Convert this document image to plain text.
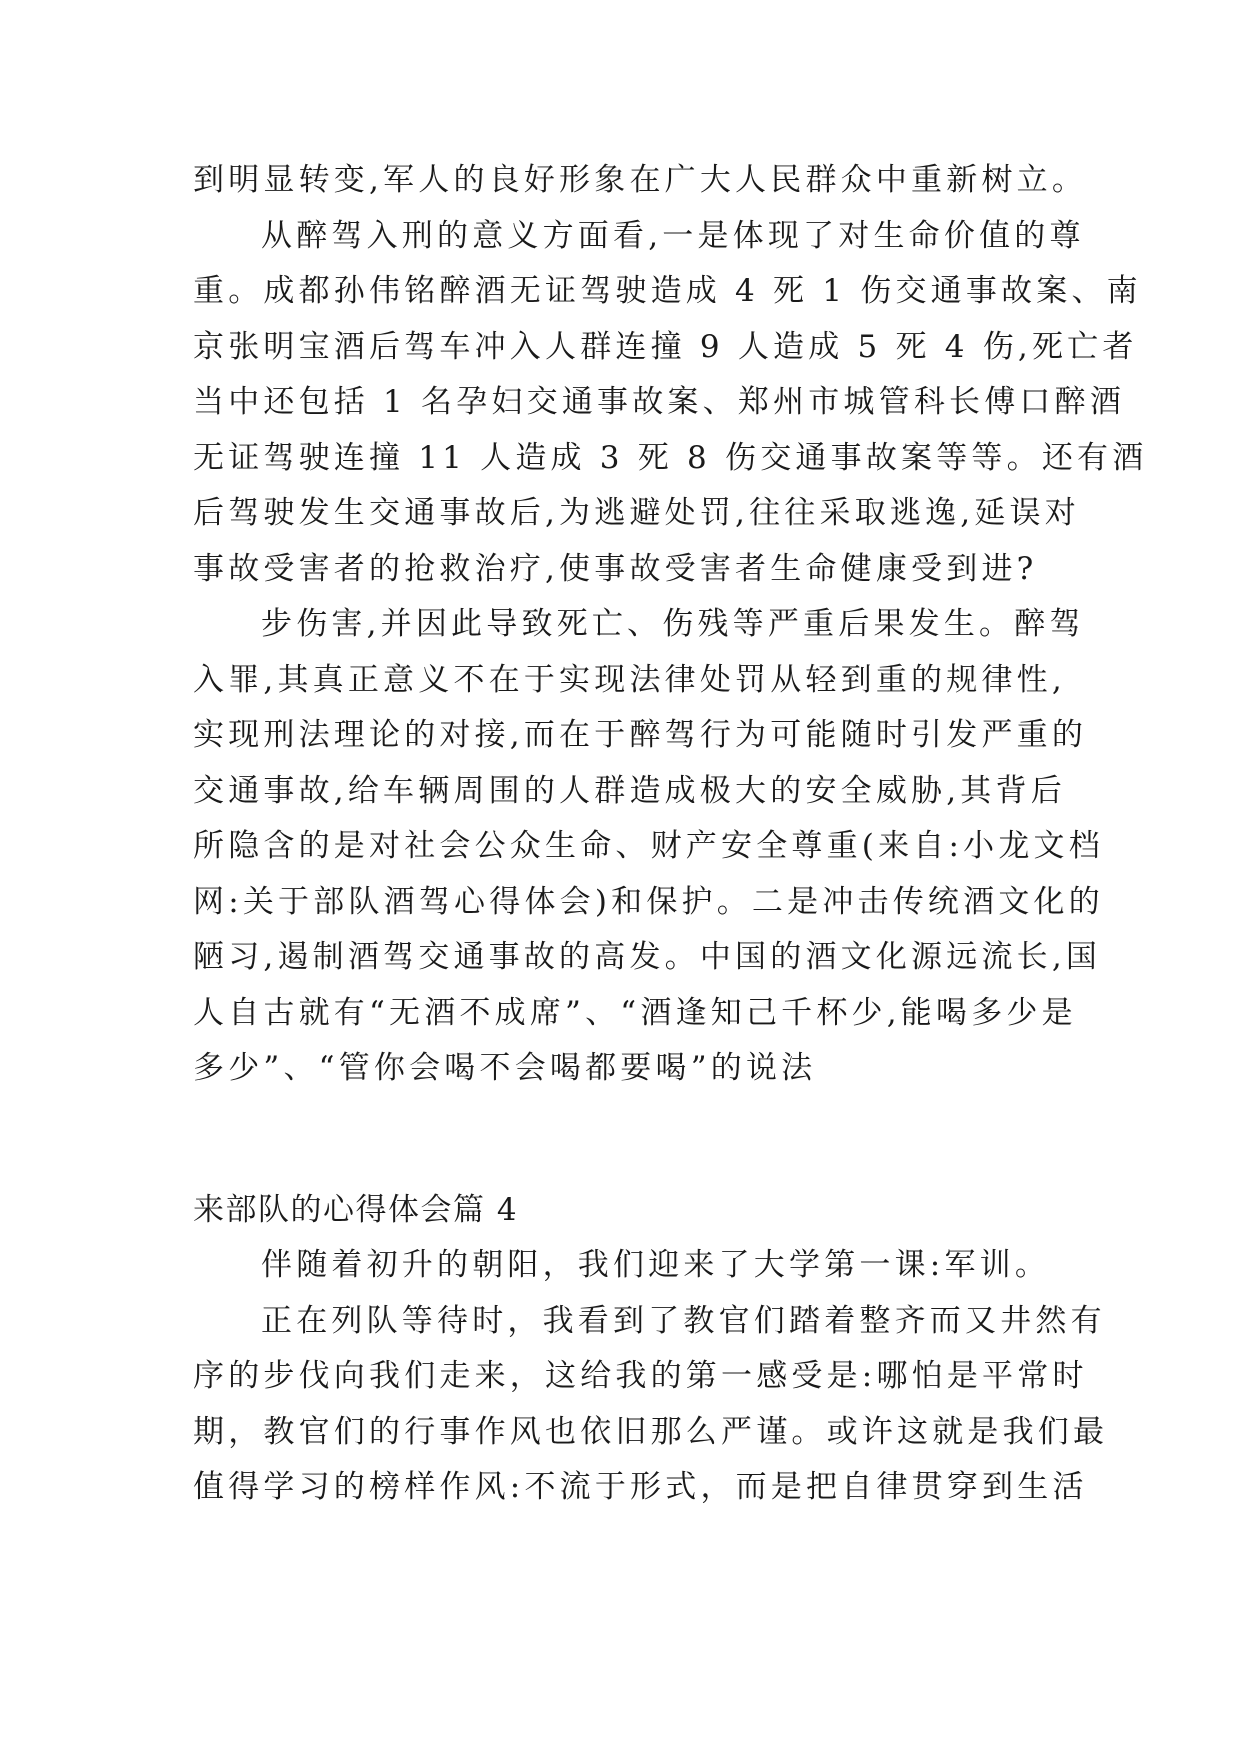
到明显转变,军人的良好形象在广大人民群众中重新树立。
从醉驾入刑的意义方面看,一是体现了对生命价值的尊
重。成都孙伟铭醉酒无证驾驶造成 4 死 1 伤交通事故案、南
京张明宝酒后驾车冲入人群连撞 9 人造成 5 死 4 伤,死亡者
当中还包括 1 名孕妇交通事故案、郑州市城管科长傅口醉酒
无证驾驶连撞 11 人造成 3 死 8 伤交通事故案等等。还有酒
后驾驶发生交通事故后,为逃避处罚,往往采取逃逸,延误对
事故受害者的抢救治疗,使事故受害者生命健康受到进?
步伤害,并因此导致死亡、伤残等严重后果发生。醉驾
入罪,其真正意义不在于实现法律处罚从轻到重的规律性,
实现刑法理论的对接,而在于醉驾行为可能随时引发严重的
交通事故,给车辆周围的人群造成极大的安全威胁,其背后
所隐含的是对社会公众生命、财产安全尊重(来自:小龙文档
网:关于部队酒驾心得体会)和保护。二是冲击传统酒文化的
陋习,遏制酒驾交通事故的高发。中国的酒文化源远流长,国
人自古就有“无酒不成席”、“酒逢知己千杯少,能喝多少是
多少”、“管你会喝不会喝都要喝”的说法
来部队的心得体会篇 4
伴随着初升的朝阳，我们迎来了大学第一课:军训。
正在列队等待时，我看到了教官们踏着整齐而又井然有
序的步伐向我们走来，这给我的第一感受是:哪怕是平常时
期，教官们的行事作风也依旧那么严谨。或许这就是我们最
值得学习的榜样作风:不流于形式，而是把自律贯穿到生活
